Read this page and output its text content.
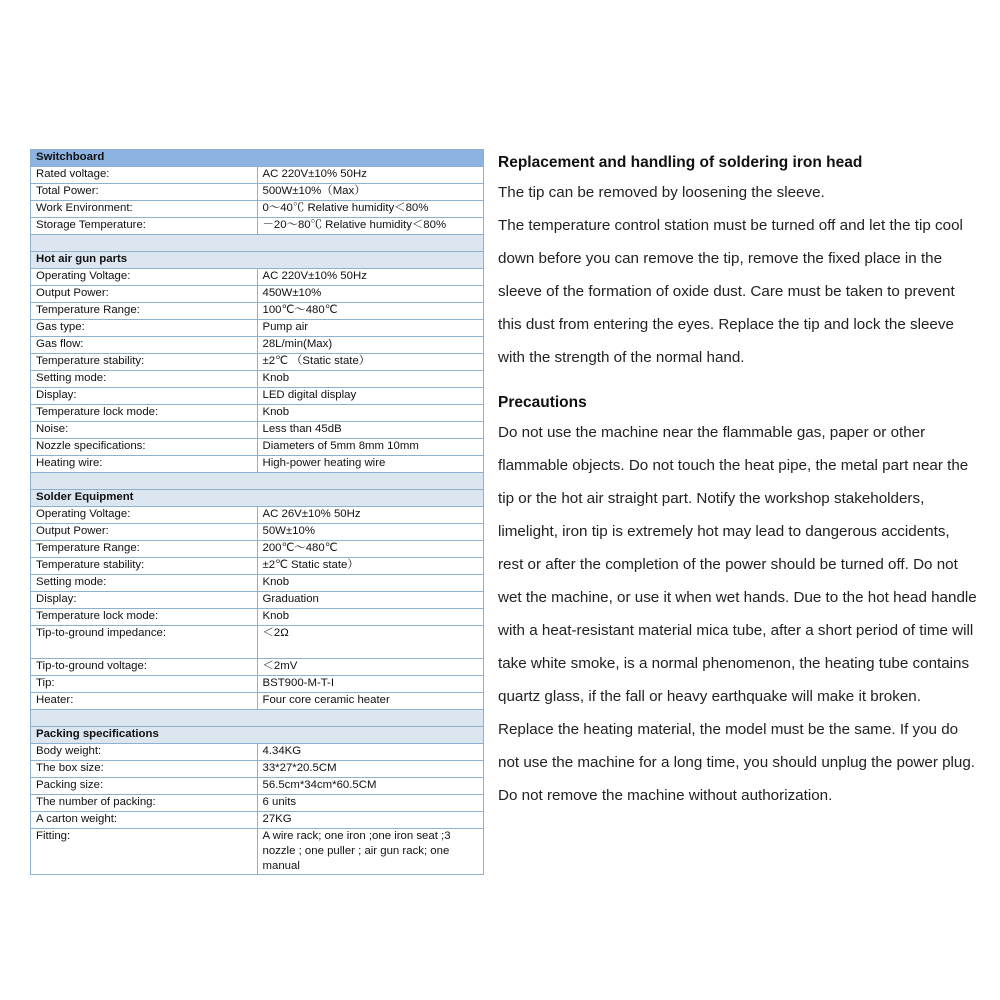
Switchboard	
Rated voltage:	AC 220V±10% 50Hz
Total Power:	500W±10%（Max）
Work Environment:	0～40℃ Relative humidity＜80%
Storage Temperature:	－20～80℃ Relative humidity＜80%

Hot air gun parts	
Operating Voltage:	AC 220V±10% 50Hz
Output Power:	450W±10%
Temperature Range:	100℃～480℃
Gas type:	Pump air
Gas flow:	28L/min(Max)
Temperature stability:	±2℃ （Static state）
Setting mode:	Knob
Display:	LED digital display
Temperature lock mode:	Knob
Noise:	Less than 45dB
Nozzle specifications:	Diameters of 5mm 8mm 10mm
Heating wire:	High-power heating wire

Solder Equipment	
Operating Voltage:	AC 26V±10% 50Hz
Output Power:	50W±10%
Temperature Range:	200℃～480℃
Temperature stability:	±2℃ Static state）
Setting mode:	Knob
Display:	Graduation
Temperature lock mode:	Knob
Tip-to-ground impedance:	＜2Ω
Tip-to-ground voltage:	＜2mV
Tip:	BST900-M-T-I
Heater:	Four core ceramic heater

Packing specifications	
Body weight:	4.34KG
The box size:	33*27*20.5CM
Packing size:	56.5cm*34cm*60.5CM
The number of packing:	6 units
A carton weight:	27KG
Fitting:	A wire rack; one iron ;one iron seat ;3 nozzle ; one puller ; air gun rack; one manual
Replacement and handling of soldering iron head

The tip can be removed by loosening the sleeve.

The temperature control station must be turned off and let the tip cool down before you can remove the tip, remove the fixed place in the sleeve of the formation of oxide dust. Care must be taken to prevent this dust from entering the eyes. Replace the tip and lock the sleeve with the strength of the normal hand.

Precautions

Do not use the machine near the flammable gas, paper or other flammable objects. Do not touch the heat pipe, the metal part near the tip or the hot air straight part. Notify the workshop stakeholders, limelight, iron tip is extremely hot may lead to dangerous accidents, rest or after the completion of the power should be turned off. Do not wet the machine, or use it when wet hands. Due to the hot head handle with a heat-resistant material mica tube, after a short period of time will take white smoke, is a normal phenomenon, the heating tube contains quartz glass, if the fall or heavy earthquake will make it broken. Replace the heating material, the model must be the same. If you do not use the machine for a long time, you should unplug the power plug. Do not remove the machine without authorization.
